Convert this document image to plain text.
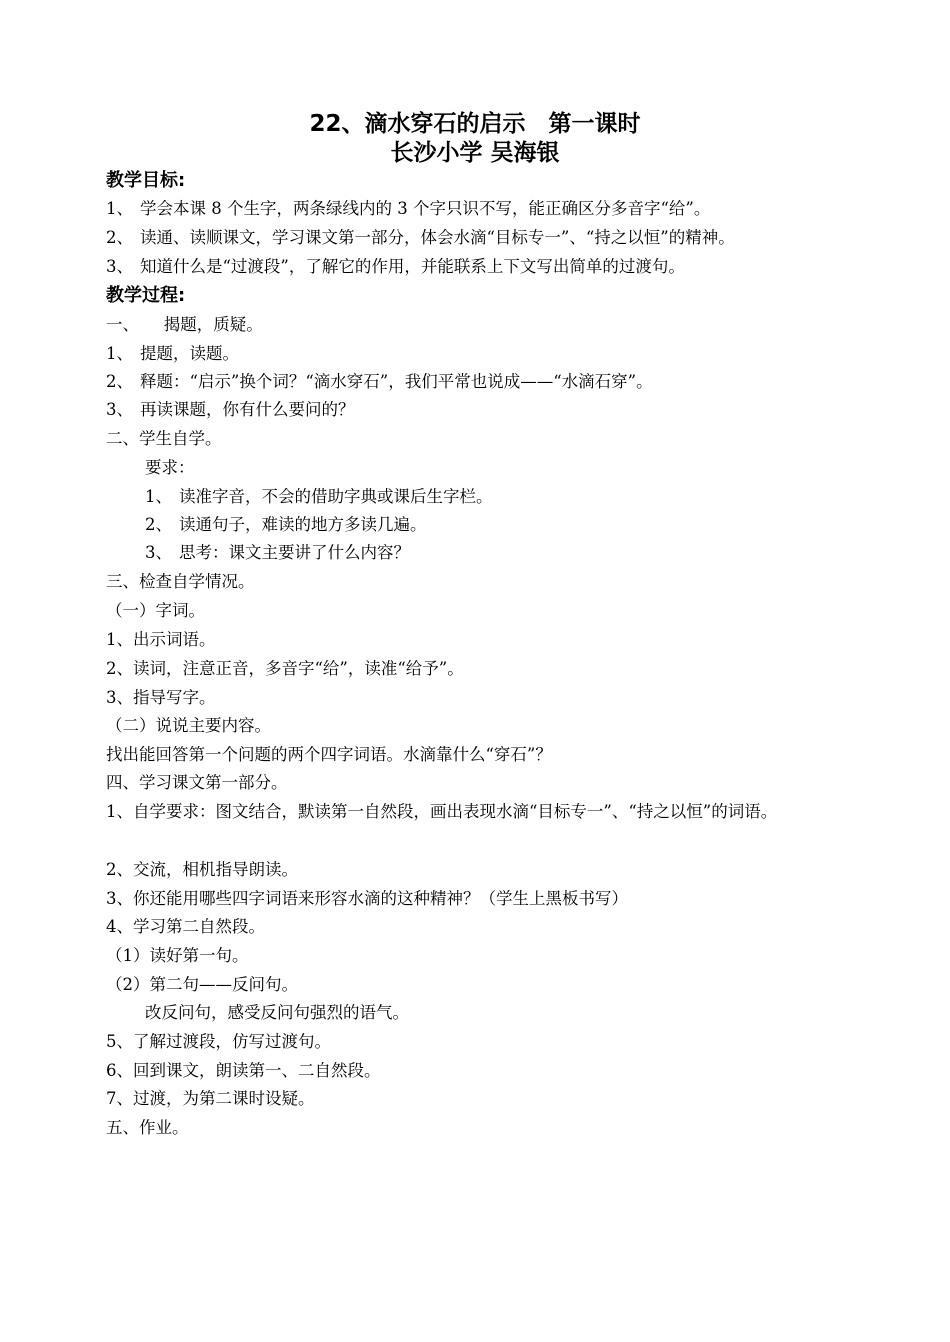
22、滴水穿石的启示　第一课时
长沙小学 吴海银
教学目标:
1、 学会本课 8 个生字，两条绿线内的 3 个字只识不写，能正确区分多音字“给”。
2、 读通、读顺课文，学习课文第一部分，体会水滴“目标专一”、“持之以恒”的精神。
3、 知道什么是“过渡段”，了解它的作用，并能联系上下文写出简单的过渡句。
教学过程:
一、　　揭题，质疑。
1、 提题，读题。
2、 释题：“启示”换个词？“滴水穿石”，我们平常也说成——“水滴石穿”。
3、 再读课题，你有什么要问的？
二、学生自学。
要求：
1、 读准字音，不会的借助字典或课后生字栏。
2、 读通句子，难读的地方多读几遍。
3、 思考：课文主要讲了什么内容？
三、检查自学情况。
（一）字词。
1、出示词语。
2、读词，注意正音，多音字“给”，读准“给予”。
3、指导写字。
（二）说说主要内容。
找出能回答第一个问题的两个四字词语。水滴靠什么“穿石”？
四、学习课文第一部分。
1、自学要求：图文结合，默读第一自然段，画出表现水滴“目标专一”、“持之以恒”的词语。
2、交流，相机指导朗读。
3、你还能用哪些四字词语来形容水滴的这种精神？（学生上黑板书写）
4、学习第二自然段。
（1）读好第一句。
（2）第二句——反问句。
改反问句，感受反问句强烈的语气。
5、了解过渡段，仿写过渡句。
6、回到课文，朗读第一、二自然段。
7、过渡，为第二课时设疑。
五、作业。
